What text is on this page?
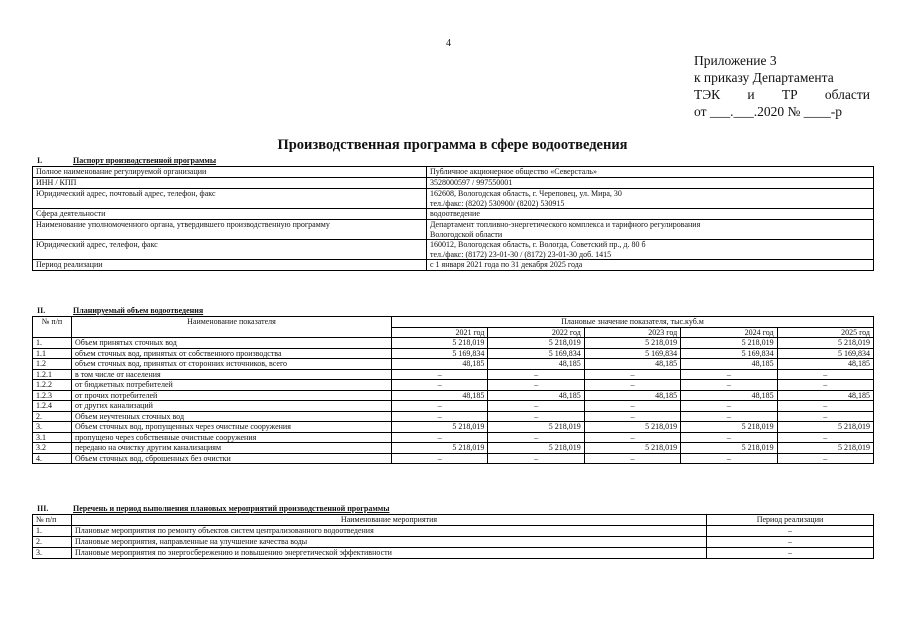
4
Приложение 3
к приказу Департамента
ТЭК и ТР области
от ___.___.2020 № ____-р
Производственная программа в сфере водоотведения
I.	Паспорт производственной программы
Полное наименование регулируемой организации	Публичное акционерное общество «Северсталь»

ИНН / КПП	3528000597 / 997550001

Юридический адрес, почтовый адрес, телефон, факс	162608, Вологодская область, г. Череповец, ул. Мира, 30
тел./факс: (8202) 530900/ (8202) 530915

Сфера деятельности	водоотведение

Наименование уполномоченного органа, утвердившего производственную программу	Департамент топливно-энергетического комплекса и тарифного регулирования
Вологодской области

Юридический адрес, телефон, факс	160012, Вологодская область, г. Вологда, Советский пр., д. 80 б
тел./факс: (8172) 23-01-30 / (8172) 23-01-30 доб. 1415

Период реализации	с 1 января 2021 года по 31 декабря 2025 года
II.	Планируемый объем водоотведения
№ п/п	Наименование показателя	Плановые значение показателя, тыс.куб.м				
		2021 год	2022 год	2023 год	2024 год	2025 год
1.	Объем принятых сточных вод	5 218,019	5 218,019	5 218,019	5 218,019	5 218,019
1.1	объем сточных вод, принятых от собственного производства	5 169,834	5 169,834	5 169,834	5 169,834	5 169,834
1.2	объем сточных вод, принятых от сторонних источников, всего	48,185	48,185	48,185	48,185	48,185
1.2.1	в том числе от населения	–	–	–	–	–
1.2.2	от бюджетных потребителей	–	–	–	–	–
1.2.3	от прочих потребителей	48,185	48,185	48,185	48,185	48,185
1.2.4	от других канализаций	–	–	–	–	–
2.	Объем неучтенных сточных вод	–	–	–	–	–
3.	Объем сточных вод, пропущенных через очистные сооружения	5 218,019	5 218,019	5 218,019	5 218,019	5 218,019
3.1	пропущено через собственные очистные сооружения	–	–	–	–	–
3.2	передано на очистку другим канализациям	5 218,019	5 218,019	5 218,019	5 218,019	5 218,019
4.	Объем сточных вод, сброшенных без очистки	–	–	–	–	–
III.	Перечень и период выполнения плановых мероприятий производственной программы
№ п/п	Наименование мероприятия	Период реализации
1.	Плановые мероприятия по ремонту объектов систем централизованного водоотведения	–
2.	Плановые мероприятия, направленные на улучшение качества воды	–
3.	Плановые мероприятия по энергосбережению и повышению энергетической эффективности	–
